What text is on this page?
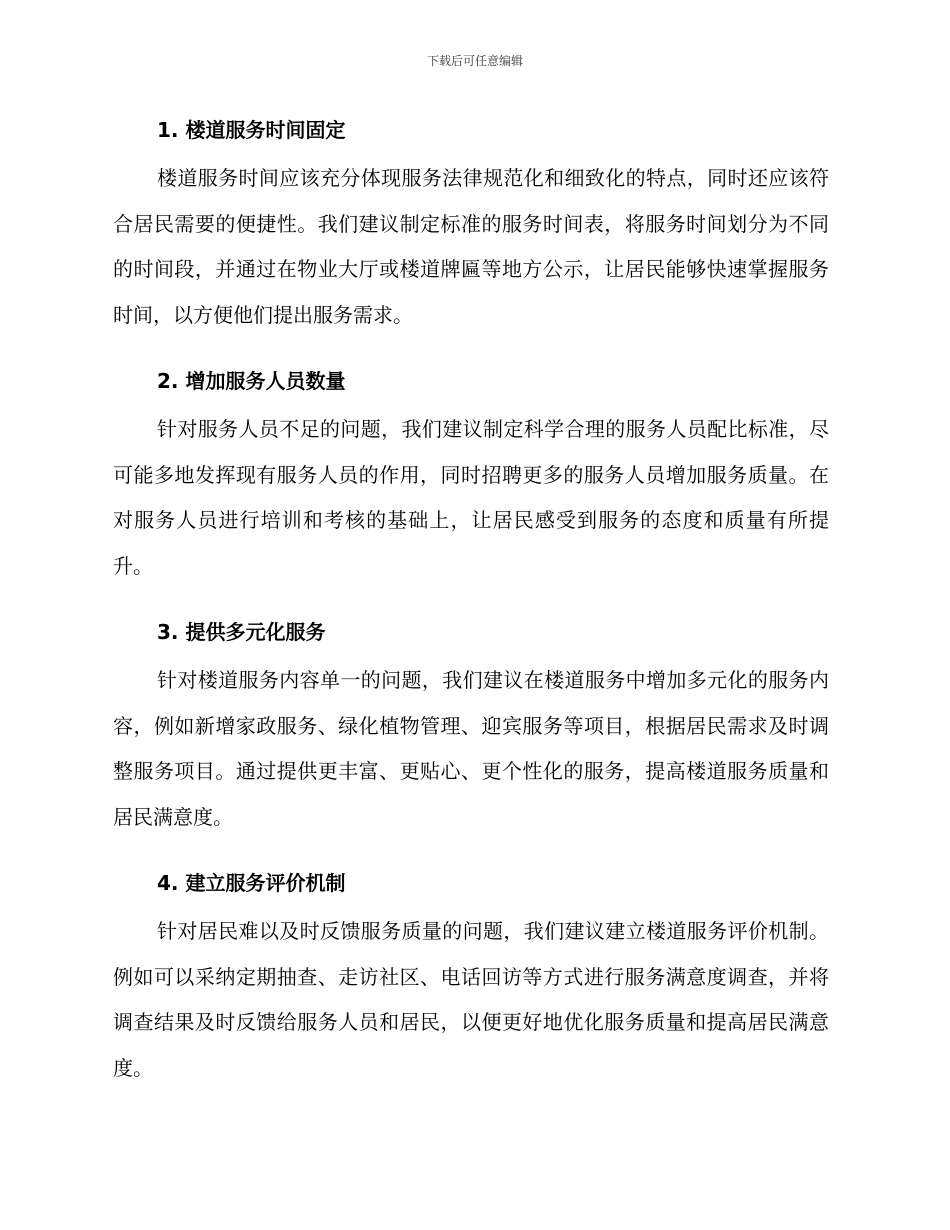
下载后可任意编辑
1. 楼道服务时间固定

楼道服务时间应该充分体现服务法律规范化和细致化的特点，同时还应该符合居民需要的便捷性。我们建议制定标准的服务时间表，将服务时间划分为不同的时间段，并通过在物业大厅或楼道牌匾等地方公示，让居民能够快速掌握服务时间，以方便他们提出服务需求。

2. 增加服务人员数量

针对服务人员不足的问题，我们建议制定科学合理的服务人员配比标准，尽可能多地发挥现有服务人员的作用，同时招聘更多的服务人员增加服务质量。在对服务人员进行培训和考核的基础上，让居民感受到服务的态度和质量有所提升。

3. 提供多元化服务

针对楼道服务内容单一的问题，我们建议在楼道服务中增加多元化的服务内容，例如新增家政服务、绿化植物管理、迎宾服务等项目，根据居民需求及时调整服务项目。通过提供更丰富、更贴心、更个性化的服务，提高楼道服务质量和居民满意度。

4. 建立服务评价机制

针对居民难以及时反馈服务质量的问题，我们建议建立楼道服务评价机制。例如可以采纳定期抽查、走访社区、电话回访等方式进行服务满意度调查，并将调查结果及时反馈给服务人员和居民，以便更好地优化服务质量和提高居民满意度。
